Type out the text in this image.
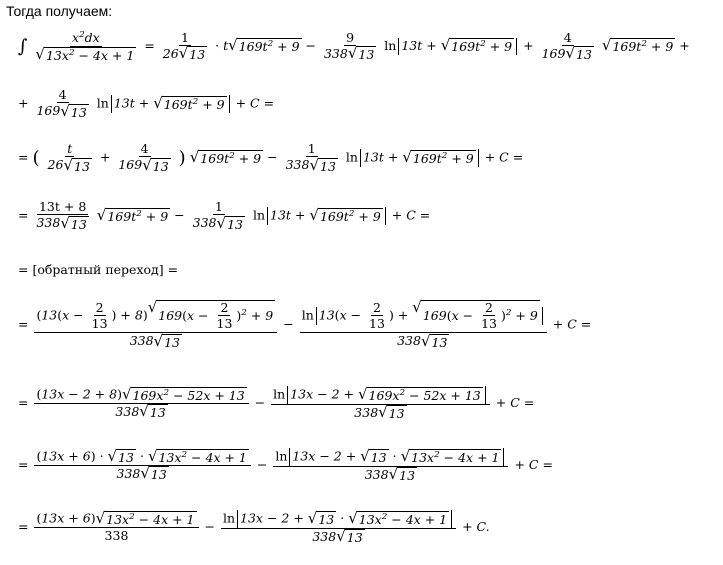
Тогда получаем:
∫ $\frac{x^2dx}{√ 13x^2 - 4x + 1} = \frac{1}{26 √ 13} \cdot t$ √ $169t^2 + 9 - \frac{9}{338 √ 13}$ ln 13t + √ $169t^2 + 9 + \frac{4}{169 √ 13}$
√ $169t^2 + 9$ +
+ $\frac{4}{169 √ 13}$ ln 13t + √ $169t^2 + 9 + C$ =
= ( $\frac{t}{26 √ 13} + \frac{4}{169 √ 13}$ ) √ $169t^2 + 9 - \frac{1}{338 √ 13}$ ln 13t + √ $169t^2 + 9 + C$ =
= $\frac{13t + 8}{338 √ 13}$
√ $169t^2 + 9 - \frac{1}{338 √ 13}$ ln 13t + √ $169t^2 + 9 + C$ =
= [обратный переход] =
= $\frac{(13(x - \frac{2}{13} ) + 8) √ 169(x - \frac{2}{13} )^2 + 9}{338 √ 13} - \frac{\ln 13(x - \frac{2}{13} ) + √ 169(x - \frac{2}{13} )^2 + 9}{338 √ 13} + C$ =
= $\frac{(13x - 2 + 8) √ 169x^2 - 52x + 13}{338 √ 13} - \frac{\ln 13x - 2 + √ 169x^2 - 52x + 13}{338 √ 13} + C$ =
= $\frac{(13x + 6) \cdot √ 13 \cdot √ 13x^2 - 4x + 1}{338 √ 13} - \frac{\ln 13x - 2 + √ 13 \cdot √ 13x^2 - 4x + 1}{338 √ 13} + C$ =
= $\frac{(13x + 6) √ 13x^2 - 4x + 1}{338} - \frac{\ln 13x - 2 + √ 13 \cdot √ 13x^2 - 4x + 1}{338 √ 13} + C$.
